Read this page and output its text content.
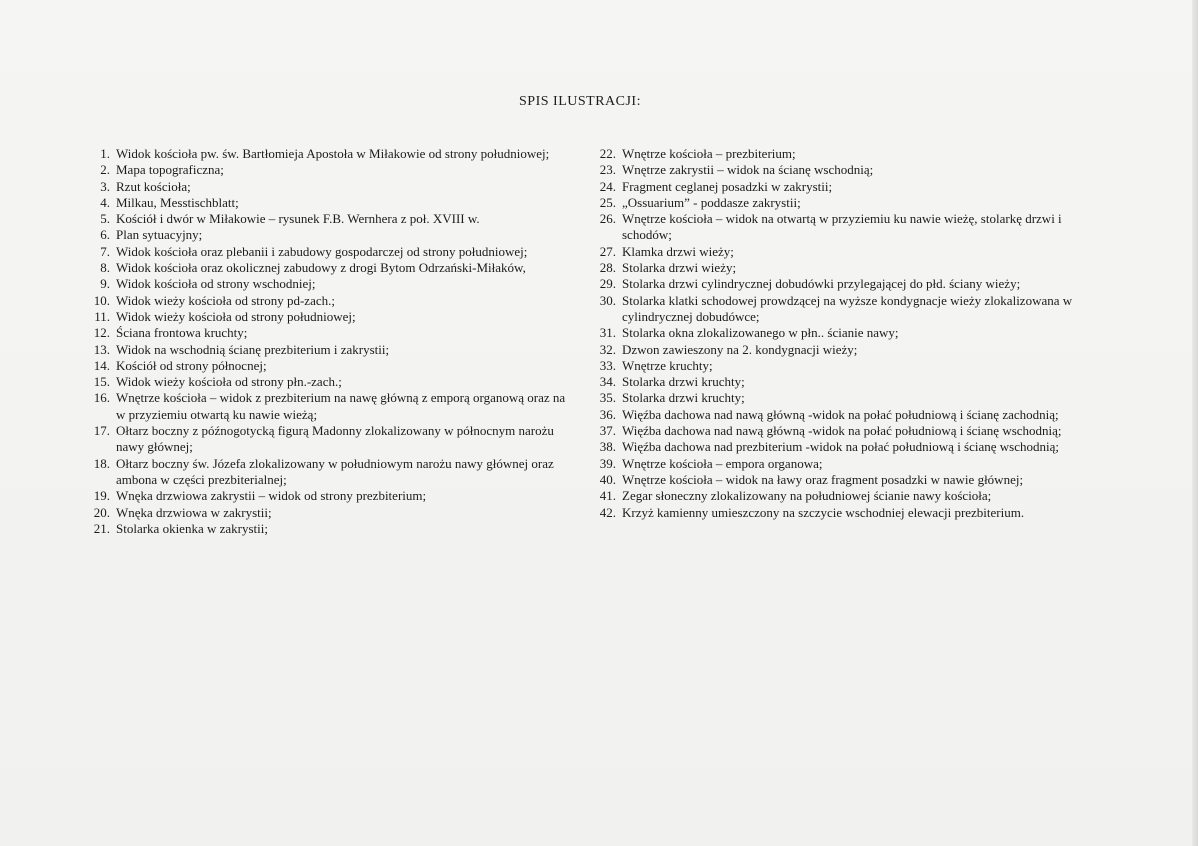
SPIS ILUSTRACJI:
1. Widok kościoła pw. św. Bartłomieja Apostoła w Miłakowie od strony południowej;
2. Mapa topograficzna;
3. Rzut kościoła;
4. Milkau, Messtischblatt;
5. Kościół i dwór w Miłakowie – rysunek F.B. Wernhera z poł. XVIII w.
6. Plan sytuacyjny;
7. Widok kościoła oraz plebanii i zabudowy gospodarczej od strony południowej;
8. Widok kościoła oraz okolicznej zabudowy z drogi Bytom Odrzański-Miłaków,
9. Widok kościoła od strony wschodniej;
10. Widok wieży kościoła od strony pd-zach.;
11. Widok wieży kościoła od strony południowej;
12. Ściana frontowa kruchty;
13. Widok na wschodnią ścianę prezbiterium i zakrystii;
14. Kościół od strony północnej;
15. Widok wieży kościoła od strony płn.-zach.;
16. Wnętrze kościoła – widok z prezbiterium na nawę główną z emporą organową oraz na w przyziemiu otwartą ku nawie wieżą;
17. Ołtarz boczny z późnogotycką figurą Madonny zlokalizowany w północnym narożu nawy głównej;
18. Ołtarz boczny św. Józefa zlokalizowany w południowym narożu nawy głównej oraz ambona w części prezbiterialnej;
19. Wnęka drzwiowa zakrystii – widok od strony prezbiterium;
20. Wnęka drzwiowa w zakrystii;
21. Stolarka okienka w zakrystii;
22. Wnętrze kościoła – prezbiterium;
23. Wnętrze zakrystii – widok na ścianę wschodnią;
24. Fragment ceglanej posadzki w zakrystii;
25. „Ossuarium” - poddasze zakrystii;
26. Wnętrze kościoła – widok na otwartą w przyziemiu ku nawie wieżę, stolarkę drzwi i schodów;
27. Klamka drzwi wieży;
28. Stolarka drzwi wieży;
29. Stolarka drzwi cylindrycznej dobudówki przylegającej do płd. ściany wieży;
30. Stolarka klatki schodowej prowdzącej na wyższe kondygnacje wieży zlokalizowana w cylindrycznej dobudówce;
31. Stolarka okna zlokalizowanego w płn.. ścianie nawy;
32. Dzwon zawieszony na 2. kondygnacji wieży;
33. Wnętrze kruchty;
34. Stolarka drzwi kruchty;
35. Stolarka drzwi kruchty;
36. Więźba dachowa nad nawą główną -widok na połać południową i ścianę zachodnią;
37. Więźba dachowa nad nawą główną -widok na połać południową i ścianę wschodnią;
38. Więźba dachowa nad prezbiterium -widok na połać południową i ścianę wschodnią;
39. Wnętrze kościoła – empora organowa;
40. Wnętrze kościoła – widok na ławy oraz fragment posadzki w nawie głównej;
41. Zegar słoneczny zlokalizowany na południowej ścianie nawy kościoła;
42. Krzyż kamienny umieszczony na szczycie wschodniej elewacji prezbiterium.
